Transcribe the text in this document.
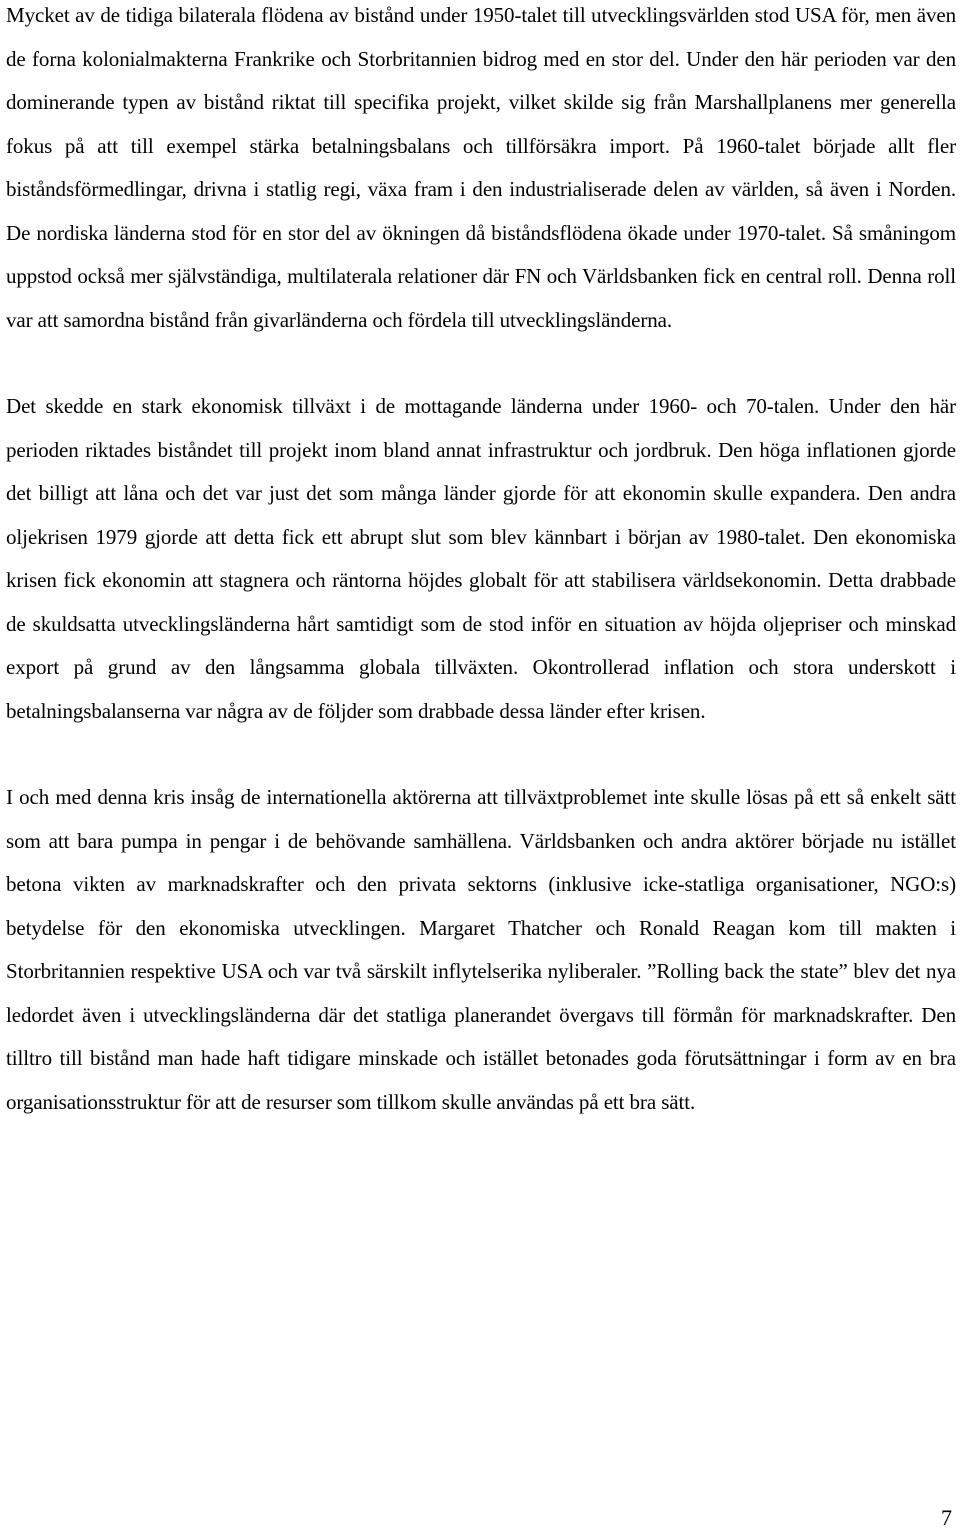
Mycket av de tidiga bilaterala flödena av bistånd under 1950-talet till utvecklingsvärlden stod USA för, men även de forna kolonialmakterna Frankrike och Storbritannien bidrog med en stor del. Under den här perioden var den dominerande typen av bistånd riktat till specifika projekt, vilket skilde sig från Marshallplanens mer generella fokus på att till exempel stärka betalningsbalans och tillförsäkra import. På 1960-talet började allt fler biståndsförmedlingar, drivna i statlig regi, växa fram i den industrialiserade delen av världen, så även i Norden. De nordiska länderna stod för en stor del av ökningen då biståndsflödena ökade under 1970-talet. Så småningom uppstod också mer självständiga, multilaterala relationer där FN och Världsbanken fick en central roll. Denna roll var att samordna bistånd från givarländerna och fördela till utvecklingsländerna.

Det skedde en stark ekonomisk tillväxt i de mottagande länderna under 1960- och 70-talen. Under den här perioden riktades biståndet till projekt inom bland annat infrastruktur och jordbruk. Den höga inflationen gjorde det billigt att låna och det var just det som många länder gjorde för att ekonomin skulle expandera. Den andra oljekrisen 1979 gjorde att detta fick ett abrupt slut som blev kännbart i början av 1980-talet. Den ekonomiska krisen fick ekonomin att stagnera och räntorna höjdes globalt för att stabilisera världsekonomin. Detta drabbade de skuldsatta utvecklingsländerna hårt samtidigt som de stod inför en situation av höjda oljepriser och minskad export på grund av den långsamma globala tillväxten. Okontrollerad inflation och stora underskott i betalningsbalanserna var några av de följder som drabbade dessa länder efter krisen.

I och med denna kris insåg de internationella aktörerna att tillväxtproblemet inte skulle lösas på ett så enkelt sätt som att bara pumpa in pengar i de behövande samhällena. Världsbanken och andra aktörer började nu istället betona vikten av marknadskrafter och den privata sektorns (inklusive icke-statliga organisationer, NGO:s) betydelse för den ekonomiska utvecklingen. Margaret Thatcher och Ronald Reagan kom till makten i Storbritannien respektive USA och var två särskilt inflytelserika nyliberaler. ”Rolling back the state” blev det nya ledordet även i utvecklingsländerna där det statliga planerandet övergavs till förmån för marknadskrafter. Den tilltro till bistånd man hade haft tidigare minskade och istället betonades goda förutsättningar i form av en bra organisationsstruktur för att de resurser som tillkom skulle användas på ett bra sätt.

7
